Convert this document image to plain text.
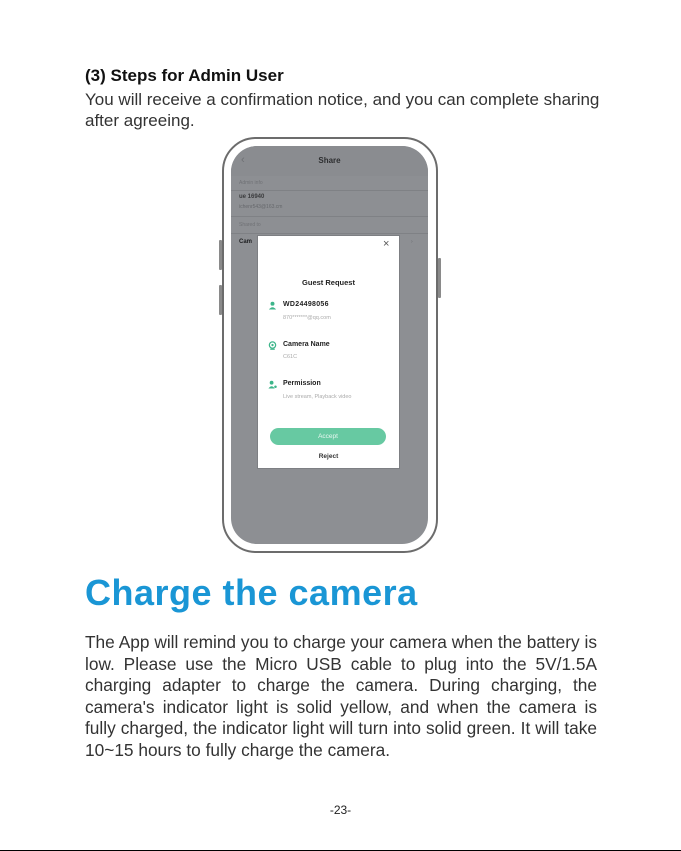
(3) Steps for Admin User
You will receive a confirmation notice, and you can complete sharing after agreeing.
‹	Share
Admin info
ue 16940
ichenr543@163.cm
Shared to
Cam	›
×
Guest Request
WD24498056
870*******@qq.com
Camera Name
C61C
Permission
Live stream, Playback video
Accept
Reject
Charge the camera
The App will remind you to charge your camera when the battery is low. Please use the Micro USB cable to plug into the 5V/1.5A charging adapter to charge the camera. During charging, the camera's indicator light is solid yellow, and when the camera is fully charged, the indicator light will turn into solid green. It will take 10~15 hours to fully charge the camera.
-23-
